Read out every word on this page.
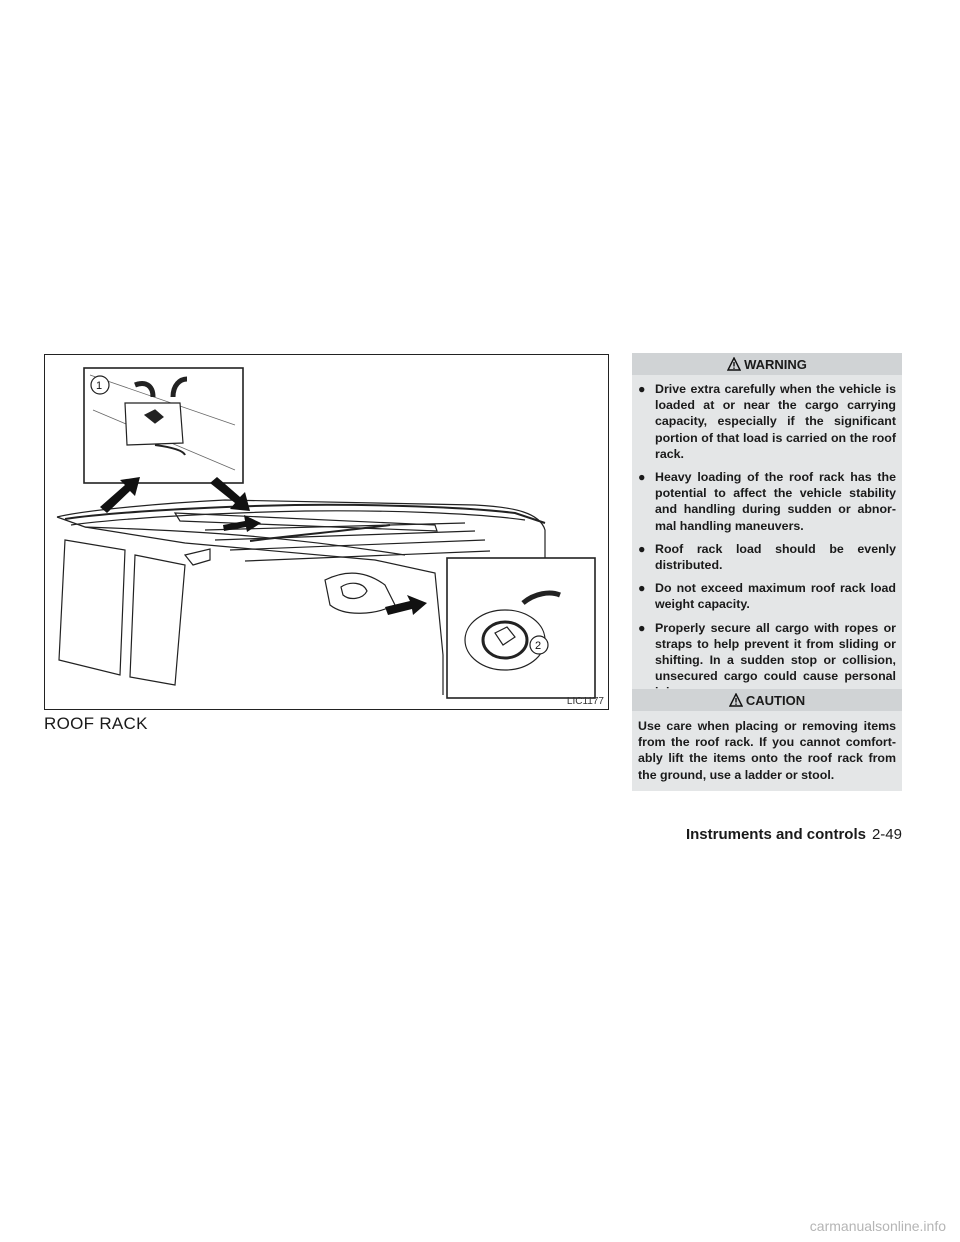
1
2
LIC1177
ROOF RACK
WARNING
● Drive extra carefully when the vehicle is loaded at or near the cargo carrying capacity, especially if the significant portion of that load is carried on the roof rack.
● Heavy loading of the roof rack has the potential to affect the vehicle stability and handling during sudden or abnor-mal handling maneuvers.
● Roof rack load should be evenly distributed.
● Do not exceed maximum roof rack load weight capacity.
● Properly secure all cargo with ropes or straps to help prevent it from sliding or shifting. In a sudden stop or collision, unsecured cargo could cause personal
CAUTION

Use care when placing or removing items from the roof rack. If you cannot comfort-ably lift the items onto the roof rack from the ground, use a ladder or stool.

Instruments and controls 2-49
carmanualsonline.info
